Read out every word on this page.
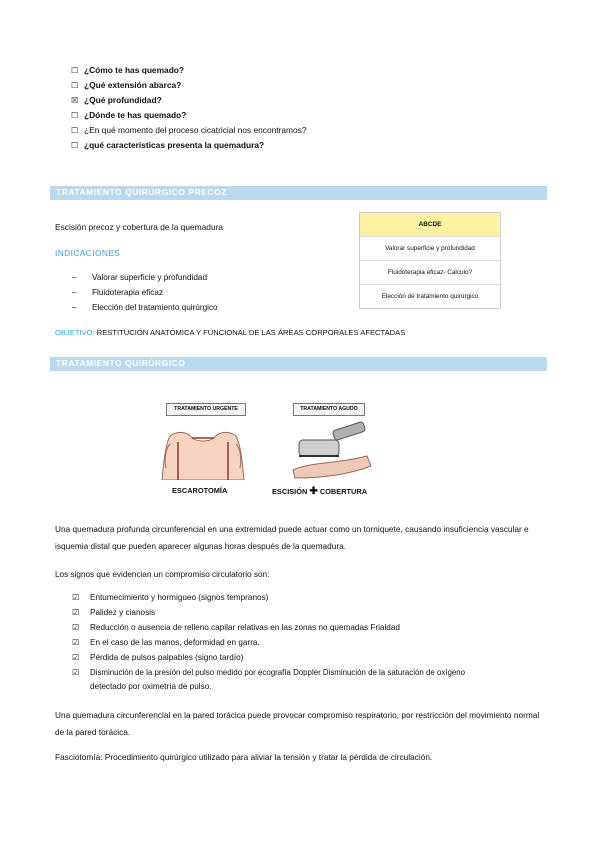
☐ ¿Cómo te has quemado?
☐ ¿Qué extensión abarca?
☒ ¿Qué profundidad?
☐ ¿Dónde te has quemado?
☐ ¿En qué momento del proceso cicatricial nos encontramos?
☐ ¿qué características presenta la quemadura?
TRATAMIENTO QUIRÚRGICO PRECOZ
Escisión precoz y cobertura de la quemadura
INDICACIONES
– Valorar superficie y profundidad
– Fluidoterapia eficaz
– Elección del tratamiento quirúrgico
ABCDE
Valorar superficie y profundidad
Fluidoterapia eficaz- Calculo?
Elección de tratamiento quirúrgico
OBJETIVO: RESTITUCIÓN ANATÓMICA Y FUNCIONAL DE LAS ÁREAS CORPORALES AFECTADAS
TRATAMIENTO QUIRÚRGICO
TRATAMIENTO URGENTE	TRATAMIENTO AGUDO
ESCAROTOMÍA	ESCISIÓN ✚ COBERTURA
Una quemadura profunda circunferencial en una extremidad puede actuar como un torniquete, causando insuficiencia vascular e isquemia distal que pueden aparecer algunas horas después de la quemadura.
Los signos que evidencian un compromiso circulatorio son:
☑ Entumecimiento y hormigueo (signos tempranos)
☑ Palidez y cianosis
☑ Reducción o ausencia de relleno capilar relativas en las zonas no quemadas Frialdad
☑ En el caso de las manos, deformidad en garra.
☑ Pérdida de pulsos palpables (signo tardío)
☑ Disminución de la presión del pulso medido por ecografía Doppler Disminución de la saturación de oxígeno
detectado por oximetría de pulso.
Una quemadura circunferencial en la pared torácica puede provocar compromiso respiratorio, por restricción del movimiento normal de la pared torácica.
Fasciotomía: Procedimiento quirúrgico utilizado para aliviar la tensión y tratar la pérdida de circulación.
